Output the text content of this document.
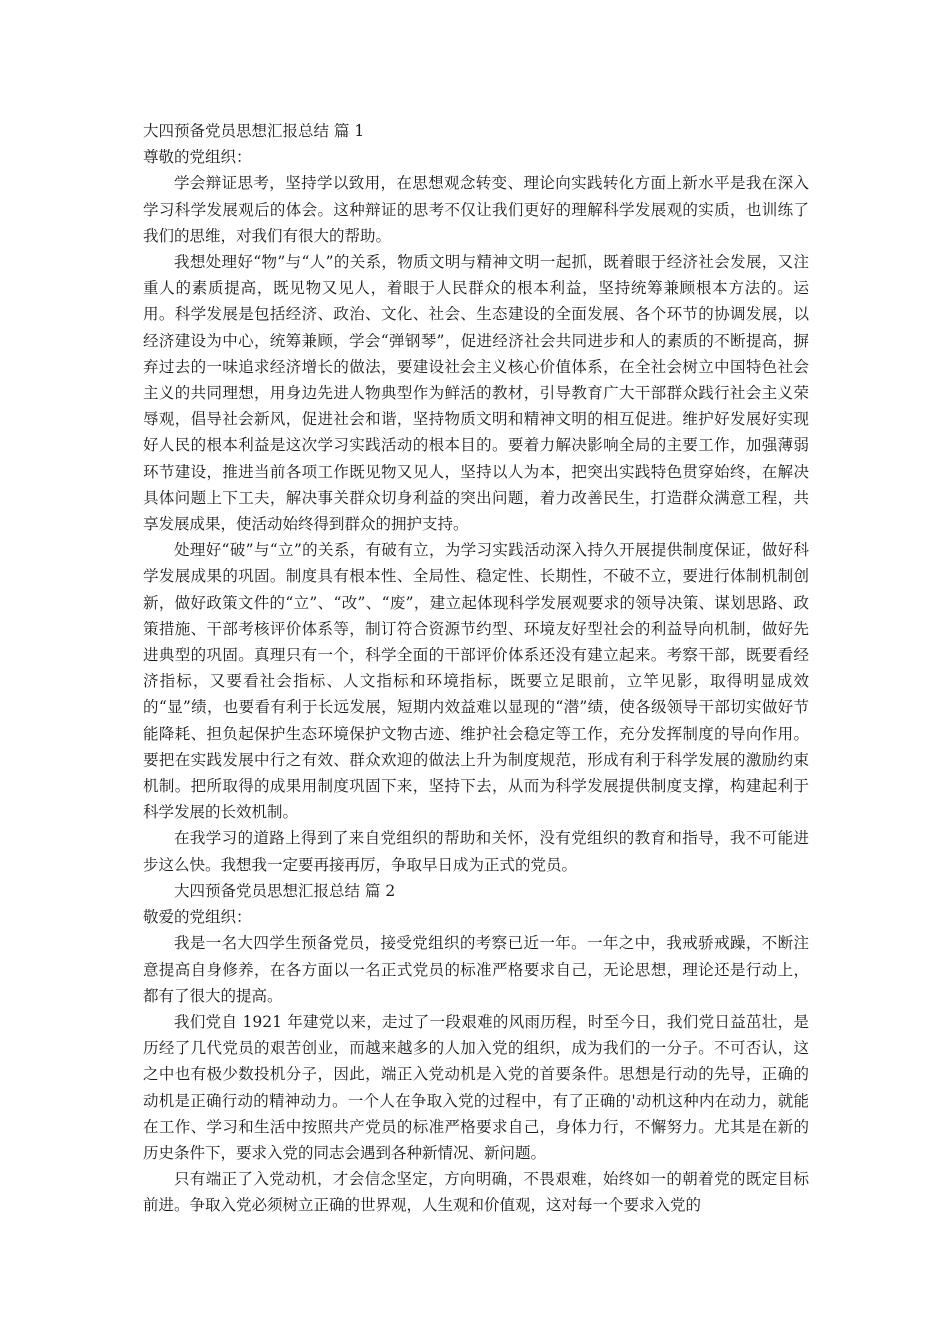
大四预备党员思想汇报总结 篇 1

尊敬的党组织：

学会辩证思考，坚持学以致用，在思想观念转变、理论向实践转化方面上新水平是我在深入学习科学发展观后的体会。这种辩证的思考不仅让我们更好的理解科学发展观的实质，也训练了我们的思维，对我们有很大的帮助。

我想处理好“物”与“人”的关系，物质文明与精神文明一起抓，既着眼于经济社会发展，又注重人的素质提高，既见物又见人，着眼于人民群众的根本利益，坚持统筹兼顾根本方法的。运用。科学发展是包括经济、政治、文化、社会、生态建设的全面发展、各个环节的协调发展，以经济建设为中心，统筹兼顾，学会“弹钢琴”，促进经济社会共同进步和人的素质的不断提高，摒弃过去的一味追求经济增长的做法，要建设社会主义核心价值体系，在全社会树立中国特色社会主义的共同理想，用身边先进人物典型作为鲜活的教材，引导教育广大干部群众践行社会主义荣辱观，倡导社会新风，促进社会和谐，坚持物质文明和精神文明的相互促进。维护好发展好实现好人民的根本利益是这次学习实践活动的根本目的。要着力解决影响全局的主要工作，加强薄弱环节建设，推进当前各项工作既见物又见人，坚持以人为本，把突出实践特色贯穿始终，在解决具体问题上下工夫，解决事关群众切身利益的突出问题，着力改善民生，打造群众满意工程，共享发展成果，使活动始终得到群众的拥护支持。

处理好“破”与“立”的关系，有破有立，为学习实践活动深入持久开展提供制度保证，做好科学发展成果的巩固。制度具有根本性、全局性、稳定性、长期性，不破不立，要进行体制机制创新，做好政策文件的“立”、“改”、“废”，建立起体现科学发展观要求的领导决策、谋划思路、政策措施、干部考核评价体系等，制订符合资源节约型、环境友好型社会的利益导向机制，做好先进典型的巩固。真理只有一个，科学全面的干部评价体系还没有建立起来。考察干部，既要看经济指标，又要看社会指标、人文指标和环境指标，既要立足眼前，立竿见影，取得明显成效的“显”绩，也要看有利于长远发展，短期内效益难以显现的“潜”绩，使各级领导干部切实做好节能降耗、担负起保护生态环境保护文物古迹、维护社会稳定等工作，充分发挥制度的导向作用。要把在实践发展中行之有效、群众欢迎的做法上升为制度规范，形成有利于科学发展的激励约束机制。把所取得的成果用制度巩固下来，坚持下去，从而为科学发展提供制度支撑，构建起利于科学发展的长效机制。

在我学习的道路上得到了来自党组织的帮助和关怀，没有党组织的教育和指导，我不可能进步这么快。我想我一定要再接再厉，争取早日成为正式的党员。

大四预备党员思想汇报总结 篇 2

敬爱的党组织：

我是一名大四学生预备党员，接受党组织的考察已近一年。一年之中，我戒骄戒躁，不断注意提高自身修养，在各方面以一名正式党员的标准严格要求自己，无论思想，理论还是行动上，都有了很大的提高。

我们党自 1921 年建党以来，走过了一段艰难的风雨历程，时至今日，我们党日益茁壮，是历经了几代党员的艰苦创业，而越来越多的人加入党的组织，成为我们的一分子。不可否认，这之中也有极少数投机分子，因此，端正入党动机是入党的首要条件。思想是行动的先导，正确的动机是正确行动的精神动力。一个人在争取入党的过程中，有了正确的'动机这种内在动力，就能在工作、学习和生活中按照共产党员的标准严格要求自己，身体力行，不懈努力。尤其是在新的历史条件下，要求入党的同志会遇到各种新情况、新问题。

只有端正了入党动机，才会信念坚定，方向明确，不畏艰难，始终如一的朝着党的既定目标前进。争取入党必须树立正确的世界观，人生观和价值观，这对每一个要求入党的
